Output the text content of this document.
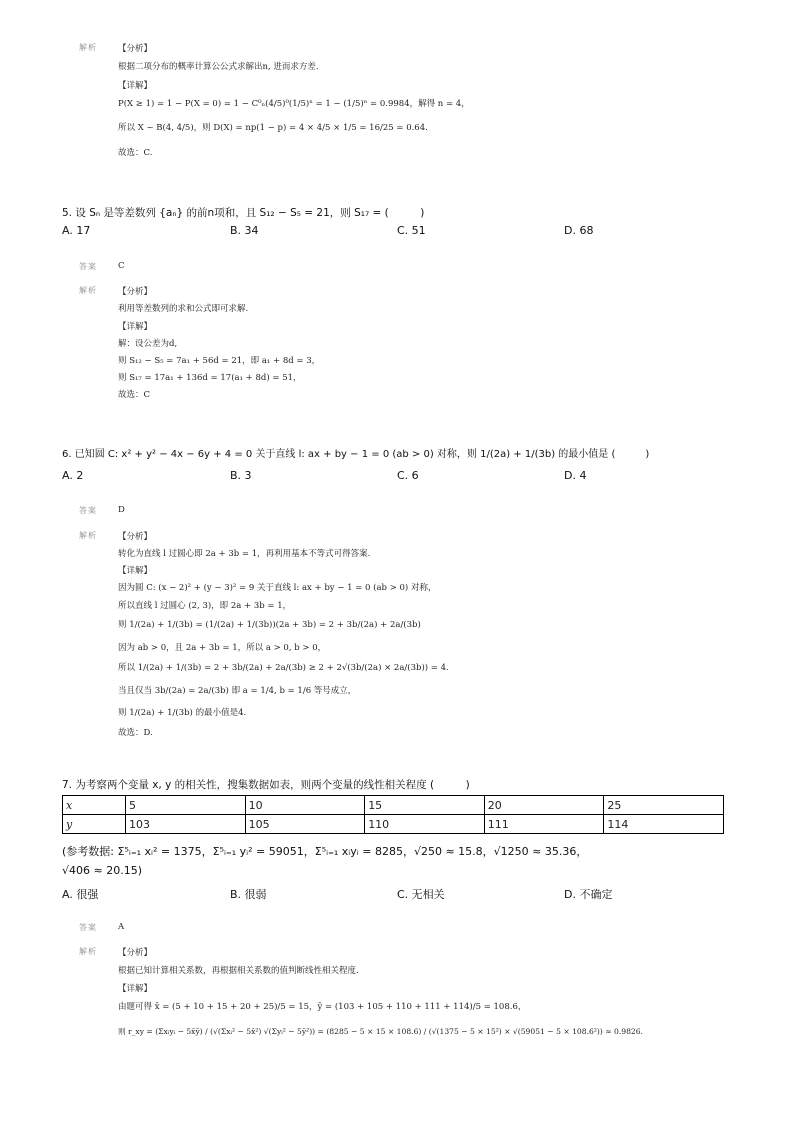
解析 【分析】
根据二项分布的概率计算公公式求解出n, 进而求方差.
【详解】
P(X ≥ 1) = 1 − P(X = 0) = 1 − C⁰ₙ(4/5)⁰(1/5)ⁿ = 1 − (1/5)ⁿ = 0.9984，解得 n = 4，
所以 X ~ B(4, 4/5)，则 D(X) = np(1 − p) = 4 × 4/5 × 1/5 = 16/25 = 0.64.
故选：C.
5. 设 Sₙ 是等差数列 {aₙ} 的前n项和，且 S₁₂ − S₅ = 21，则 S₁₇ = (　　　)
A. 17	B. 34	C. 51	D. 68
答案 C
解析 【分析】
利用等差数列的求和公式即可求解.
【详解】
解：设公差为d,
则 S₁₂ − S₅ = 7a₁ + 56d = 21，即 a₁ + 8d = 3，
则 S₁₇ = 17a₁ + 136d = 17(a₁ + 8d) = 51，
故选：C
6. 已知圆 C: x² + y² − 4x − 6y + 4 = 0 关于直线 l: ax + by − 1 = 0 (ab > 0) 对称，则 1/(2a) + 1/(3b) 的最小值是 (　　　)
A. 2	B. 3	C. 6	D. 4
答案 D
解析 【分析】
转化为直线 l 过圆心即 2a + 3b = 1，再利用基本不等式可得答案.
【详解】
因为圆 C: (x − 2)² + (y − 3)² = 9 关于直线 l: ax + by − 1 = 0 (ab > 0) 对称，
所以直线 l 过圆心 (2, 3)，即 2a + 3b = 1，
则 1/(2a) + 1/(3b) = (1/(2a) + 1/(3b))(2a + 3b) = 2 + 3b/(2a) + 2a/(3b)
因为 ab > 0，且 2a + 3b = 1，所以 a > 0, b > 0，
所以 1/(2a) + 1/(3b) = 2 + 3b/(2a) + 2a/(3b) ≥ 2 + 2√(3b/(2a) × 2a/(3b)) = 4.
当且仅当 3b/(2a) = 2a/(3b) 即 a = 1/4, b = 1/6 等号成立，
则 1/(2a) + 1/(3b) 的最小值是4.
故选：D.
7. 为考察两个变量 x, y 的相关性，搜集数据如表，则两个变量的线性相关程度 (　　　)
x	5	10	15	20	25
y	103	105	110	111	114
(参考数据: Σ⁵ᵢ₌₁ xᵢ² = 1375，Σ⁵ᵢ₌₁ yᵢ² = 59051，Σ⁵ᵢ₌₁ xᵢyᵢ = 8285，√250 ≈ 15.8，√1250 ≈ 35.36，
√406 ≈ 20.15)
A. 很强	B. 很弱	C. 无相关	D. 不确定
答案 A
解析 【分析】
根据已知计算相关系数，再根据相关系数的值判断线性相关程度.
【详解】
由题可得 x̄ = (5 + 10 + 15 + 20 + 25)/5 = 15，ȳ = (103 + 105 + 110 + 111 + 114)/5 = 108.6，
则 r_xy = (Σxᵢyᵢ − 5x̄ȳ) / (√(Σxᵢ² − 5x̄²) √(Σyᵢ² − 5ȳ²)) = (8285 − 5 × 15 × 108.6) / (√(1375 − 5 × 15²) × √(59051 − 5 × 108.6²)) ≈ 0.9826.
